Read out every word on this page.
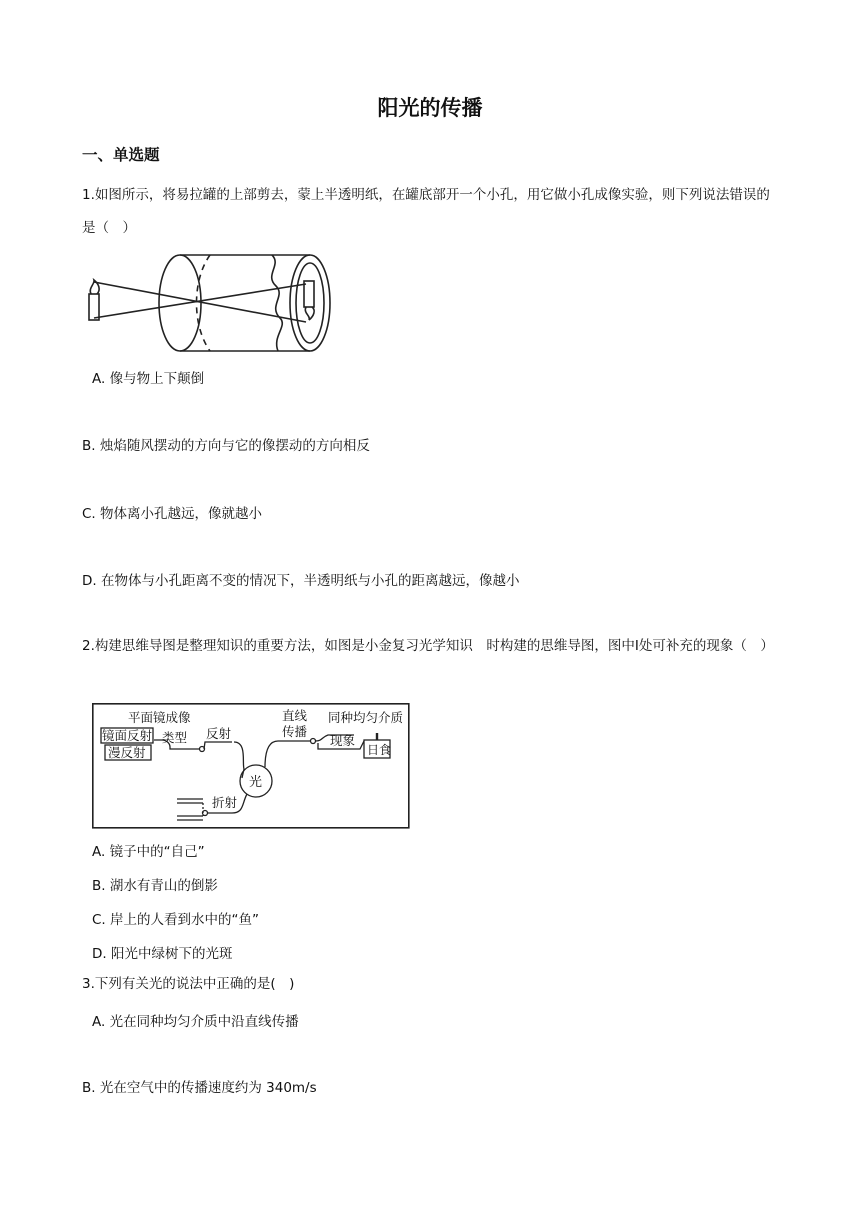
阳光的传播
一、单选题
1.如图所示，将易拉罐的上部剪去，蒙上半透明纸，在罐底部开一个小孔，用它做小孔成像实验，则下列说法错误的是（　）
A. 像与物上下颠倒
B. 烛焰随风摆动的方向与它的像摆动的方向相反
C. 物体离小孔越远，像就越小
D. 在物体与小孔距离不变的情况下，半透明纸与小孔的距离越远，像越小
2.构建思维导图是整理知识的重要方法，如图是小金复习光学知识　时构建的思维导图，图中Ⅰ处可补充的现象（　）
平面镜成像
镜面反射
漫反射
类型 反射
光
直线
传播
同种均匀介质
现象
日食
折射
A. 镜子中的“自己”
B. 湖水有青山的倒影
C. 岸上的人看到水中的“鱼”
D. 阳光中绿树下的光斑
3.下列有关光的说法中正确的是(　)
A. 光在同种均匀介质中沿直线传播
B. 光在空气中的传播速度约为 340m/s
